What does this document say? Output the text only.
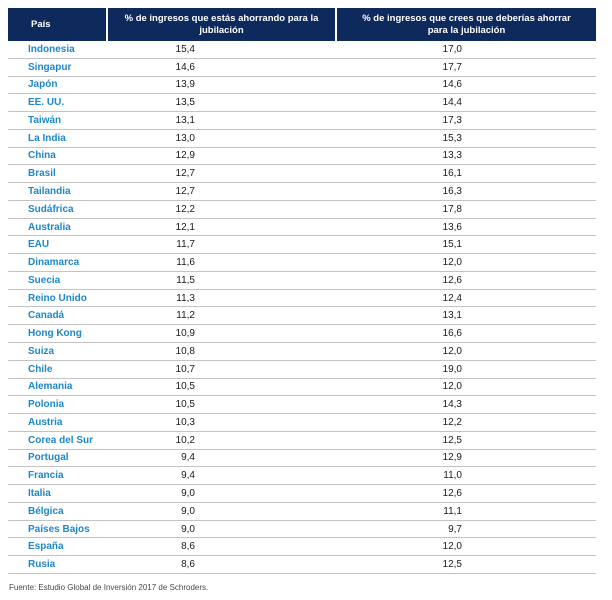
País	% de ingresos que estás ahorrando para la jubilación	% de ingresos que crees que deberías ahorrar para la jubilación
Indonesia	15,4	17,0
Singapur	14,6	17,7
Japón	13,9	14,6
EE. UU.	13,5	14,4
Taiwán	13,1	17,3
La India	13,0	15,3
China	12,9	13,3
Brasil	12,7	16,1
Tailandia	12,7	16,3
Sudáfrica	12,2	17,8
Australia	12,1	13,6
EAU	11,7	15,1
Dinamarca	11,6	12,0
Suecia	11,5	12,6
Reino Unido	11,3	12,4
Canadá	11,2	13,1
Hong Kong	10,9	16,6
Suiza	10,8	12,0
Chile	10,7	19,0
Alemania	10,5	12,0
Polonia	10,5	14,3
Austria	10,3	12,2
Corea del Sur	10,2	12,5
Portugal	9,4	12,9
Francia	9,4	11,0
Italia	9,0	12,6
Bélgica	9,0	11,1
Países Bajos	9,0	9,7
España	8,6	12,0
Rusia	8,6	12,5
Fuente: Estudio Global de Inversión 2017 de Schroders.
